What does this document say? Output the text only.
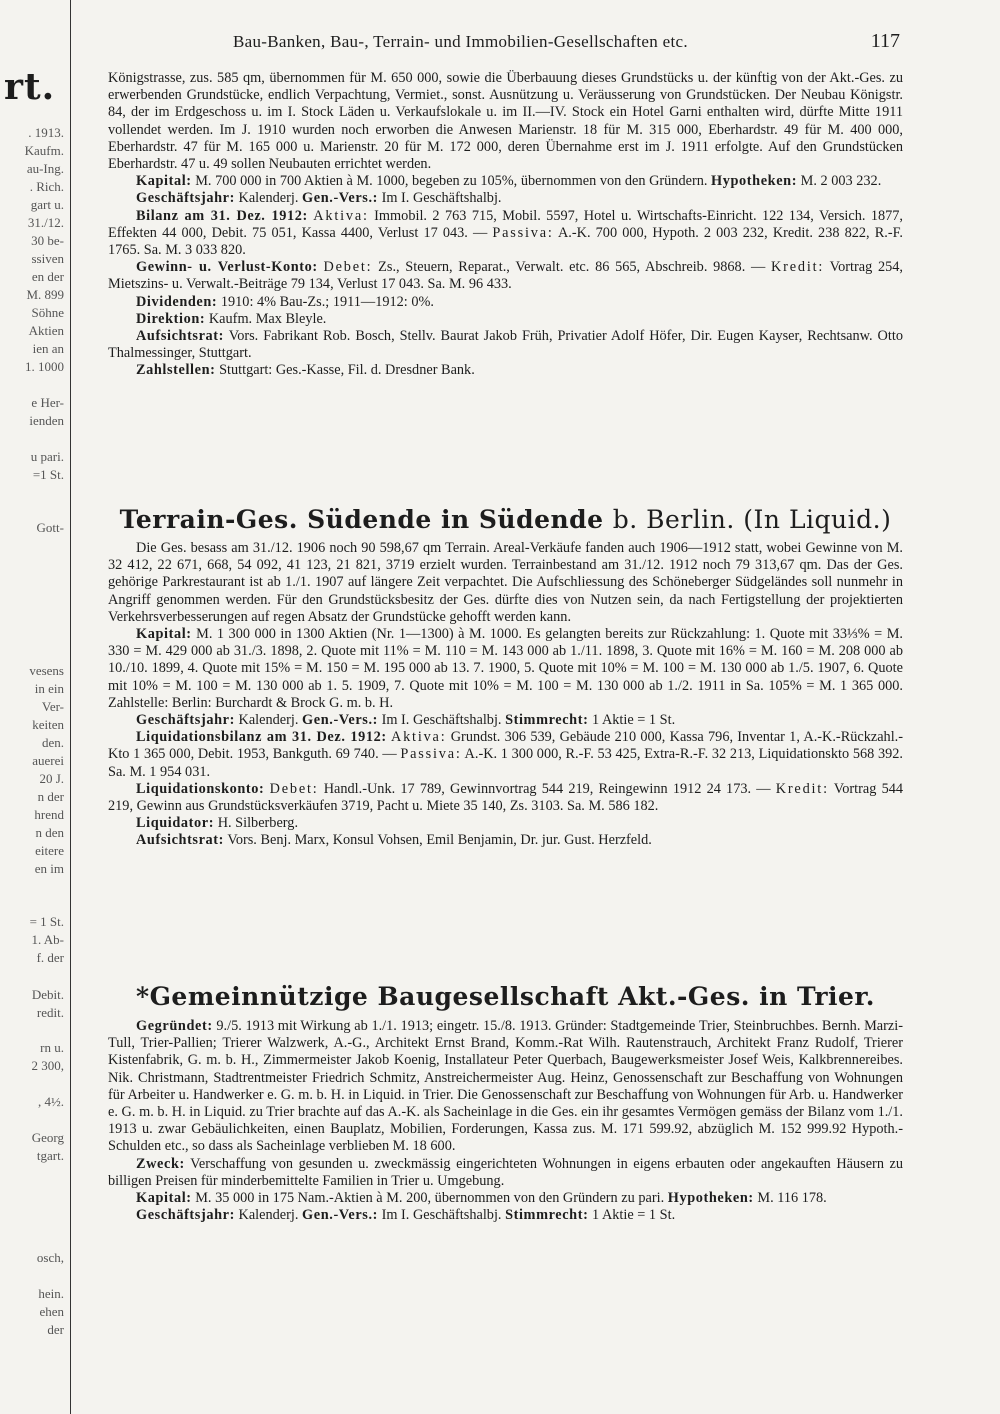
rt.
. 1913.
Kaufm.
au-Ing.
. Rich.
gart u.
31./12.
30 be-
ssiven
en der
M. 899
Söhne
Aktien
ien an
1. 1000
e Her-
ienden
u pari.
=1 St.
Gott-
vesens
in ein
Ver-
keiten
den.
auerei
20 J.
n der
hrend
n den
eitere
en im
= 1 St.
1. Ab-
f. der
Debit.
redit.
rn u.
2 300,
, 4½.
Georg
tgart.
osch,
hein.
ehen
der
Bau-Banken, Bau-, Terrain- und Immobilien-Gesellschaften etc.	117

Königstrasse, zus. 585 qm, übernommen für M. 650 000, sowie die Überbauung dieses Grundstücks u. der künftig von der Akt.-Ges. zu erwerbenden Grundstücke, endlich Verpachtung, Vermiet., sonst. Ausnützung u. Veräusserung von Grundstücken. Der Neubau Königstr. 84, der im Erdgeschoss u. im I. Stock Läden u. Verkaufslokale u. im II.—IV. Stock ein Hotel Garni enthalten wird, dürfte Mitte 1911 vollendet werden. Im J. 1910 wurden noch erworben die Anwesen Marienstr. 18 für M. 315 000, Eberhardstr. 49 für M. 400 000, Eberhardstr. 47 für M. 165 000 u. Marienstr. 20 für M. 172 000, deren Übernahme erst im J. 1911 erfolgte. Auf den Grundstücken Eberhardstr. 47 u. 49 sollen Neubauten errichtet werden.

Kapital: M. 700 000 in 700 Aktien à M. 1000, begeben zu 105%, übernommen von den Gründern. Hypotheken: M. 2 003 232.

Geschäftsjahr: Kalenderj. Gen.-Vers.: Im I. Geschäftshalbj.

Bilanz am 31. Dez. 1912: Aktiva: Immobil. 2 763 715, Mobil. 5597, Hotel u. Wirtschafts-Einricht. 122 134, Versich. 1877, Effekten 44 000, Debit. 75 051, Kassa 4400, Verlust 17 043. — Passiva: A.-K. 700 000, Hypoth. 2 003 232, Kredit. 238 822, R.-F. 1765. Sa. M. 3 033 820.

Gewinn- u. Verlust-Konto: Debet: Zs., Steuern, Reparat., Verwalt. etc. 86 565, Abschreib. 9868. — Kredit: Vortrag 254, Mietszins- u. Verwalt.-Beiträge 79 134, Verlust 17 043. Sa. M. 96 433.

Dividenden: 1910: 4% Bau-Zs.; 1911—1912: 0%.

Direktion: Kaufm. Max Bleyle.

Aufsichtsrat: Vors. Fabrikant Rob. Bosch, Stellv. Baurat Jakob Früh, Privatier Adolf Höfer, Dir. Eugen Kayser, Rechtsanw. Otto Thalmessinger, Stuttgart.

Zahlstellen: Stuttgart: Ges.-Kasse, Fil. d. Dresdner Bank.

Terrain-Ges. Südende in Südende b. Berlin. (In Liquid.)

Die Ges. besass am 31./12. 1906 noch 90 598,67 qm Terrain. Areal-Verkäufe fanden auch 1906—1912 statt, wobei Gewinne von M. 32 412, 22 671, 668, 54 092, 41 123, 21 821, 3719 erzielt wurden. Terrainbestand am 31./12. 1912 noch 79 313,67 qm. Das der Ges. gehörige Parkrestaurant ist ab 1./1. 1907 auf längere Zeit verpachtet. Die Aufschliessung des Schöneberger Südgeländes soll nunmehr in Angriff genommen werden. Für den Grundstücksbesitz der Ges. dürfte dies von Nutzen sein, da nach Fertigstellung der projektierten Verkehrsverbesserungen auf regen Absatz der Grundstücke gehofft werden kann.

Kapital: M. 1 300 000 in 1300 Aktien (Nr. 1—1300) à M. 1000. Es gelangten bereits zur Rückzahlung: 1. Quote mit 33⅓% = M. 330 = M. 429 000 ab 31./3. 1898, 2. Quote mit 11% = M. 110 = M. 143 000 ab 1./11. 1898, 3. Quote mit 16% = M. 160 = M. 208 000 ab 10./10. 1899, 4. Quote mit 15% = M. 150 = M. 195 000 ab 13. 7. 1900, 5. Quote mit 10% = M. 100 = M. 130 000 ab 1./5. 1907, 6. Quote mit 10% = M. 100 = M. 130 000 ab 1. 5. 1909, 7. Quote mit 10% = M. 100 = M. 130 000 ab 1./2. 1911 in Sa. 105% = M. 1 365 000. Zahlstelle: Berlin: Burchardt & Brock G. m. b. H.

Geschäftsjahr: Kalenderj. Gen.-Vers.: Im I. Geschäftshalbj. Stimmrecht: 1 Aktie = 1 St.

Liquidationsbilanz am 31. Dez. 1912: Aktiva: Grundst. 306 539, Gebäude 210 000, Kassa 796, Inventar 1, A.-K.-Rückzahl.-Kto 1 365 000, Debit. 1953, Bankguth. 69 740. — Passiva: A.-K. 1 300 000, R.-F. 53 425, Extra-R.-F. 32 213, Liquidationskto 568 392. Sa. M. 1 954 031.

Liquidationskonto: Debet: Handl.-Unk. 17 789, Gewinnvortrag 544 219, Reingewinn 1912 24 173. — Kredit: Vortrag 544 219, Gewinn aus Grundstücksverkäufen 3719, Pacht u. Miete 35 140, Zs. 3103. Sa. M. 586 182.

Liquidator: H. Silberberg.

Aufsichtsrat: Vors. Benj. Marx, Konsul Vohsen, Emil Benjamin, Dr. jur. Gust. Herzfeld.

*Gemeinnützige Baugesellschaft Akt.-Ges. in Trier.

Gegründet: 9./5. 1913 mit Wirkung ab 1./1. 1913; eingetr. 15./8. 1913. Gründer: Stadtgemeinde Trier, Steinbruchbes. Bernh. Marzi-Tull, Trier-Pallien; Trierer Walzwerk, A.-G., Architekt Ernst Brand, Komm.-Rat Wilh. Rautenstrauch, Architekt Franz Rudolf, Trierer Kistenfabrik, G. m. b. H., Zimmermeister Jakob Koenig, Installateur Peter Querbach, Baugewerksmeister Josef Weis, Kalkbrennereibes. Nik. Christmann, Stadtrentmeister Friedrich Schmitz, Anstreichermeister Aug. Heinz, Genossenschaft zur Beschaffung von Wohnungen für Arbeiter u. Handwerker e. G. m. b. H. in Liquid. in Trier. Die Genossenschaft zur Beschaffung von Wohnungen für Arb. u. Handwerker e. G. m. b. H. in Liquid. zu Trier brachte auf das A.-K. als Sacheinlage in die Ges. ein ihr gesamtes Vermögen gemäss der Bilanz vom 1./1. 1913 u. zwar Gebäulichkeiten, einen Bauplatz, Mobilien, Forderungen, Kassa zus. M. 171 599.92, abzüglich M. 152 999.92 Hypoth.-Schulden etc., so dass als Sacheinlage verblieben M. 18 600.

Zweck: Verschaffung von gesunden u. zweckmässig eingerichteten Wohnungen in eigens erbauten oder angekauften Häusern zu billigen Preisen für minderbemittelte Familien in Trier u. Umgebung.

Kapital: M. 35 000 in 175 Nam.-Aktien à M. 200, übernommen von den Gründern zu pari. Hypotheken: M. 116 178.

Geschäftsjahr: Kalenderj. Gen.-Vers.: Im I. Geschäftshalbj. Stimmrecht: 1 Aktie = 1 St.
